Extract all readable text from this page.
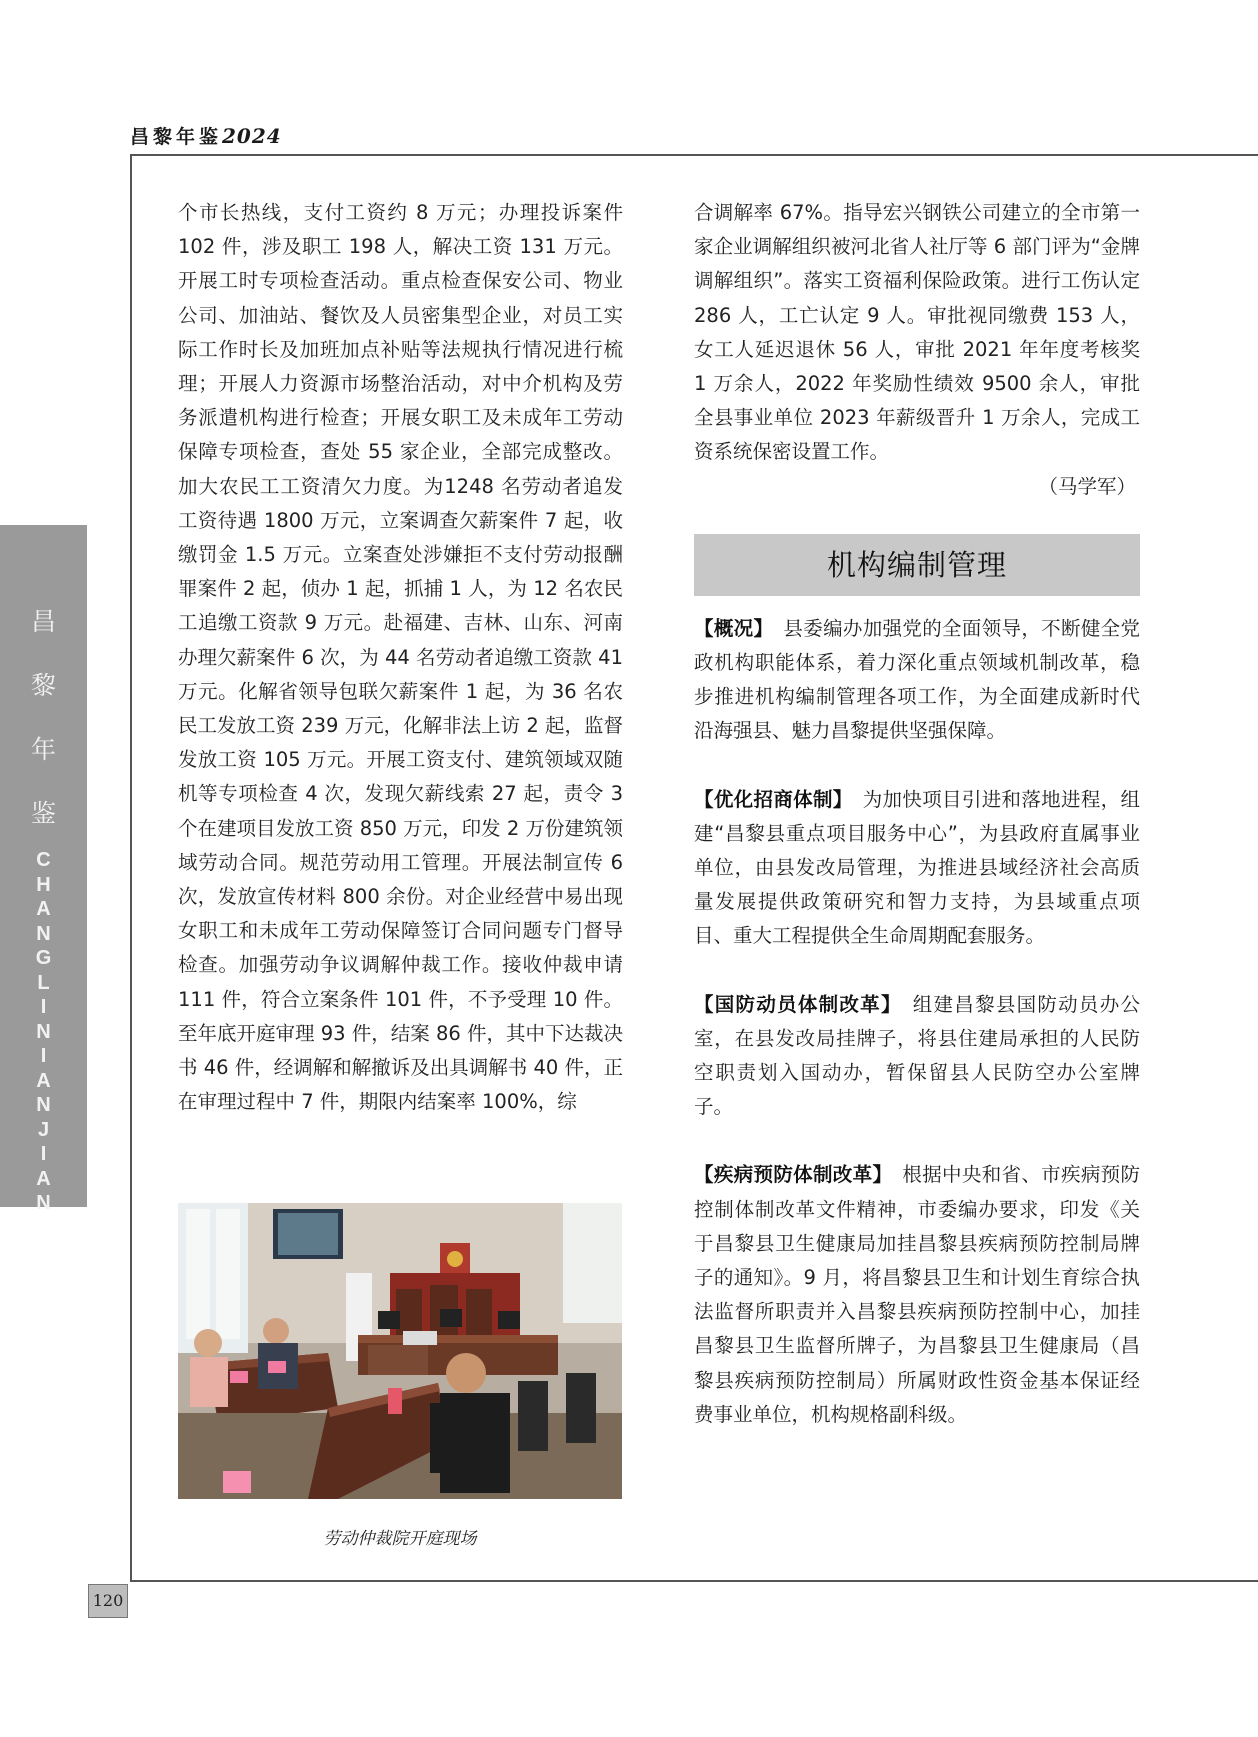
昌黎年鉴2024
昌
黎
年
鉴
C
H
A
N
G
L
I
N
I
A
N
J
I
A
N

个市长热线，支付工资约 8 万元；办理投诉案件 102 件，涉及职工 198 人，解决工资 131 万元。开展工时专项检查活动。重点检查保安公司、物业公司、加油站、餐饮及人员密集型企业，对员工实际工作时长及加班加点补贴等法规执行情况进行梳理；开展人力资源市场整治活动，对中介机构及劳务派遣机构进行检查；开展女职工及未成年工劳动保障专项检查，查处 55 家企业，全部完成整改。加大农民工工资清欠力度。为1248 名劳动者追发工资待遇 1800 万元，立案调查欠薪案件 7 起，收缴罚金 1.5 万元。立案查处涉嫌拒不支付劳动报酬罪案件 2 起，侦办 1 起，抓捕 1 人，为 12 名农民工追缴工资款 9 万元。赴福建、吉林、山东、河南办理欠薪案件 6 次，为 44 名劳动者追缴工资款 41 万元。化解省领导包联欠薪案件 1 起，为 36 名农民工发放工资 239 万元，化解非法上访 2 起，监督发放工资 105 万元。开展工资支付、建筑领域双随机等专项检查 4 次，发现欠薪线索 27 起，责令 3 个在建项目发放工资 850 万元，印发 2 万份建筑领域劳动合同。规范劳动用工管理。开展法制宣传 6 次，发放宣传材料 800 余份。对企业经营中易出现女职工和未成年工劳动保障签订合同问题专门督导检查。加强劳动争议调解仲裁工作。接收仲裁申请 111 件，符合立案条件 101 件，不予受理 10 件。至年底开庭审理 93 件，结案 86 件，其中下达裁决书 46 件，经调解和解撤诉及出具调解书 40 件，正在审理过程中 7 件，期限内结案率 100%，综

劳动仲裁院开庭现场

合调解率 67%。指导宏兴钢铁公司建立的全市第一家企业调解组织被河北省人社厅等 6 部门评为“金牌调解组织”。落实工资福利保险政策。进行工伤认定 286 人，工亡认定 9 人。审批视同缴费 153 人，女工人延迟退休 56 人，审批 2021 年年度考核奖 1 万余人，2022 年奖励性绩效 9500 余人，审批全县事业单位 2023 年薪级晋升 1 万余人，完成工资系统保密设置工作。

（马学军）

机构编制管理

【概况】　县委编办加强党的全面领导，不断健全党政机构职能体系，着力深化重点领域机制改革，稳步推进机构编制管理各项工作，为全面建成新时代沿海强县、魅力昌黎提供坚强保障。

【优化招商体制】　为加快项目引进和落地进程，组建“昌黎县重点项目服务中心”，为县政府直属事业单位，由县发改局管理，为推进县域经济社会高质量发展提供政策研究和智力支持，为县域重点项目、重大工程提供全生命周期配套服务。

【国防动员体制改革】　组建昌黎县国防动员办公室，在县发改局挂牌子，将县住建局承担的人民防空职责划入国动办，暂保留县人民防空办公室牌子。

【疾病预防体制改革】　根据中央和省、市疾病预防控制体制改革文件精神，市委编办要求，印发《关于昌黎县卫生健康局加挂昌黎县疾病预防控制局牌子的通知》。9 月，将昌黎县卫生和计划生育综合执法监督所职责并入昌黎县疾病预防控制中心，加挂昌黎县卫生监督所牌子，为昌黎县卫生健康局（昌黎县疾病预防控制局）所属财政性资金基本保证经费事业单位，机构规格副科级。

120
